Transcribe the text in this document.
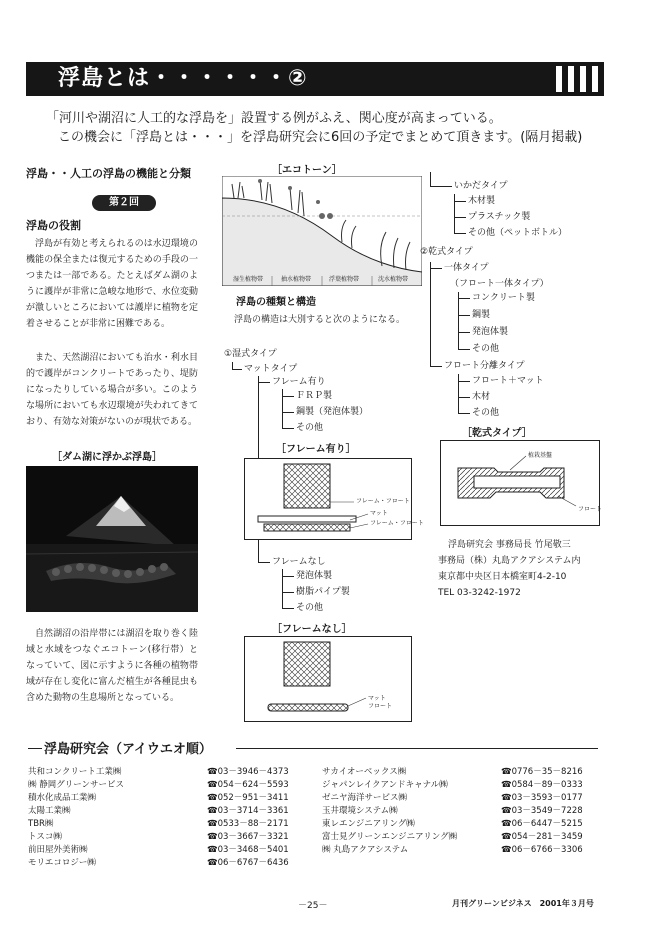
浮島とは・・・・・・②
「河川や湖沼に人工的な浮島を」設置する例がふえ、関心度が高まっている。
この機会に「浮島とは・・・」を浮島研究会に6回の予定でまとめて頂きます。(隔月掲載)
浮島・・人工の浮島の機能と分類
第２回
浮島の役割
浮島が有効と考えられるのは水辺環境の機能の保全または復元するための手段の一つまたは一部である。たとえばダム湖のように護岸が非常に急峻な地形で、水位変動が激しいところにおいては護岸に植物を定着させることが非常に困難である。
また、天然湖沼においても治水・利水目的で護岸がコンクリートであったり、堤防になったりしている場合が多い。このような場所においても水辺環境が失われてきており、有効な対策がないのが現状である。
［ダム湖に浮かぶ浮島］
自然湖沼の沿岸帯には湖沼を取り巻く陸域と水域をつなぐエコトーン(移行帯）となっていて、図に示すように各種の植物帯域が存在し変化に富んだ植生が各種昆虫も含めた動物の生息場所となっている。
［エコトーン］
湿生植物帯	抽水植物帯	浮葉植物帯	沈水植物帯
浮島の種類と構造
浮島の構造は大別すると次のようになる。
①湿式タイプ
マットタイプ
フレーム有り
ＦＲＰ製
鋼製（発泡体製）
その他
［フレーム有り］
フレーム・フロート
マット
フレーム・フロート
フレームなし
発泡体製
樹脂パイプ製
その他
［フレームなし］
マット
フロート
いかだタイプ
木材製
プラスチック製
その他（ペットボトル）
②乾式タイプ
一体タイプ
（フロート一体タイプ）
コンクリート製
鋼製
発泡体製
その他
フロート分離タイプ
フロート＋マット
木材
その他
［乾式タイプ］
植栽基盤
フロート
浮島研究会 事務局長 竹尾敬三
事務局（株）丸島アクアシステム内
東京都中央区日本橋室町4-2-10
TEL 03-3242-1972
浮島研究会（アイウエオ順）
共和コンクリート工業㈱	☎03－3946－4373
㈱ 静岡グリーンサービス	☎054－624－5593
積水化成品工業㈱	☎052－951－3411
太陽工業㈱	☎03－3714－3361
TBR㈱	☎0533－88－2171
トスコ㈱	☎03－3667－3321
前田屋外美術㈱	☎03－3468－5401
モリエコロジー㈱	☎06－6767－6436
サカイオーベックス㈱	☎0776－35－8216
ジャパンレイクアンドキャナル㈱	☎0584－89－0333
ゼニヤ海洋サービス㈱	☎03－3593－0177
玉井環境システム㈱	☎03－3549－7228
東レエンジニアリング㈱	☎06－6447－5215
富士見グリーンエンジニアリング㈱	☎054－281－3459
㈱ 丸島アクアシステム	☎06－6766－3306
－25－	月刊グリーンビジネス　2001年３月号
